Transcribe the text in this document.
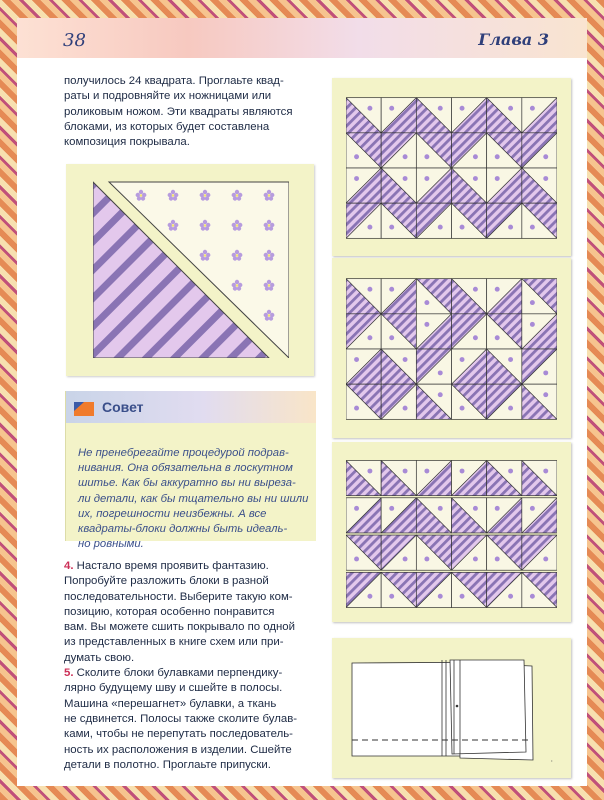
38	Глава 3
получилось 24 квадрата. Проглаьте квад-
раты и подровняйте их ножницами или
роликовым ножом. Эти квадраты являются
блоками, из которых будет составлена
композиция покрывала.
Совет
Не пренебрегайте процедурой подрав-
нивания. Она обязательна в лоскутном
шитье. Как бы аккуратно вы ни выреза-
ли детали, как бы тщательно вы ни шили
их, погрешности неизбежны. А все
квадраты-блоки должны быть идеаль-
но ровными.
4. Настало время проявить фантазию.
Попробуйте разложить блоки в разной
последовательности. Выберите такую ком-
позицию, которая особенно понравится
вам. Вы можете сшить покрывало по одной
из представленных в книге схем или при-
думать свою.
5. Сколите блоки булавками перпендику-
лярно будущему шву и сшейте в полосы.
Машина «перешагнет» булавки, а ткань
не сдвинется. Полосы также сколите булав-
ками, чтобы не перепутать последователь-
ность их расположения в изделии. Сшейте
детали в полотно. Проглаьте припуски.	·
